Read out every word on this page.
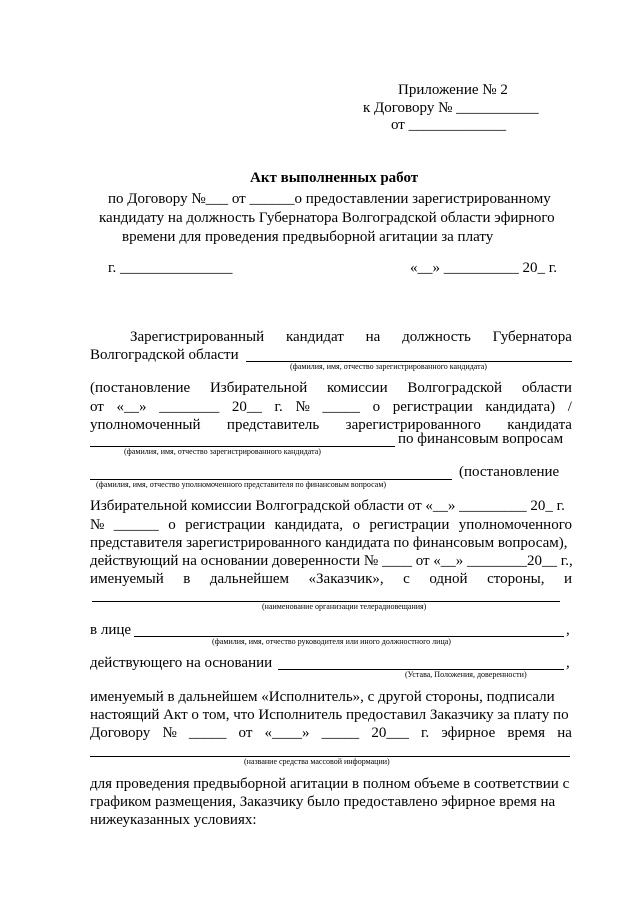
Приложение № 2
к Договору № ___________
от _____________
Акт выполненных работ
по Договору №___ от ______о предоставлении зарегистрированному
кандидату на должность Губернатора Волгоградской области эфирного
времени для проведения предвыборной агитации за плату
г. _______________	«__» __________ 20_ г.
Зарегистрированный кандидат на должность Губернатора
Волгоградской области
(фамилия, имя, отчество зарегистрированного кандидата)
(постановление Избирательной комиссии Волгоградской области
от «__» ________ 20__ г. № _____ о регистрации кандидата) /
уполномоченный представитель зарегистрированного кандидата
по финансовым вопросам
(фамилия, имя, отчество зарегистрированного кандидата)
(постановление
(фамилия, имя, отчество уполномоченного представителя по финансовым вопросам)
Избирательной комиссии Волгоградской области от «__» _________ 20_ г.
№ ______ о регистрации кандидата, о регистрации уполномоченного
представителя зарегистрированного кандидата по финансовым вопросам),
действующий на основании доверенности № ____ от «__» ________20__ г.,
именуемый в дальнейшем «Заказчик», с одной стороны, и
(наименование организации телерадиовещания)
в лице	,
(фамилия, имя, отчество руководителя или иного должностного лица)
действующего на основании	,
(Устава, Положения, доверенности)
именуемый в дальнейшем «Исполнитель», с другой стороны, подписали
настоящий Акт о том, что Исполнитель предоставил Заказчику за плату по
Договору № _____ от «____» _____ 20___ г. эфирное время на
(название средства массовой информации)
для проведения предвыборной агитации в полном объеме в соответствии с
графиком размещения, Заказчику было предоставлено эфирное время на
нижеуказанных условиях:
